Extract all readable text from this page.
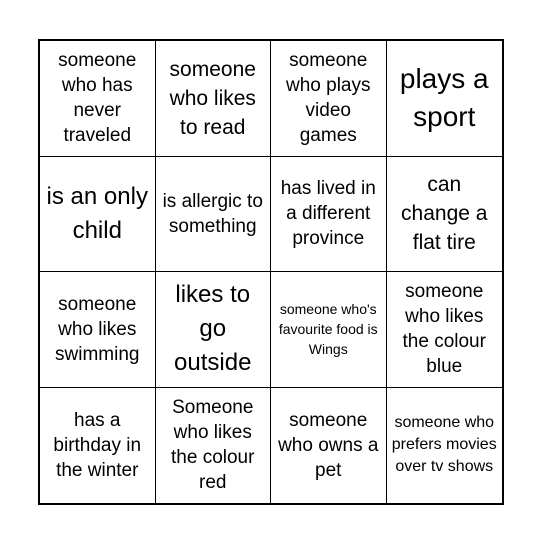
someone who has never traveled
someone who likes to read
someone who plays video games
plays a sport
is an only child
is allergic to something
has lived in a different province
can change a flat tire
someone who likes swimming
likes to go outside
someone who's favourite food is Wings
someone who likes the colour blue
has a birthday in the winter
Someone who likes the colour red
someone who owns a pet
someone who prefers movies over tv shows
